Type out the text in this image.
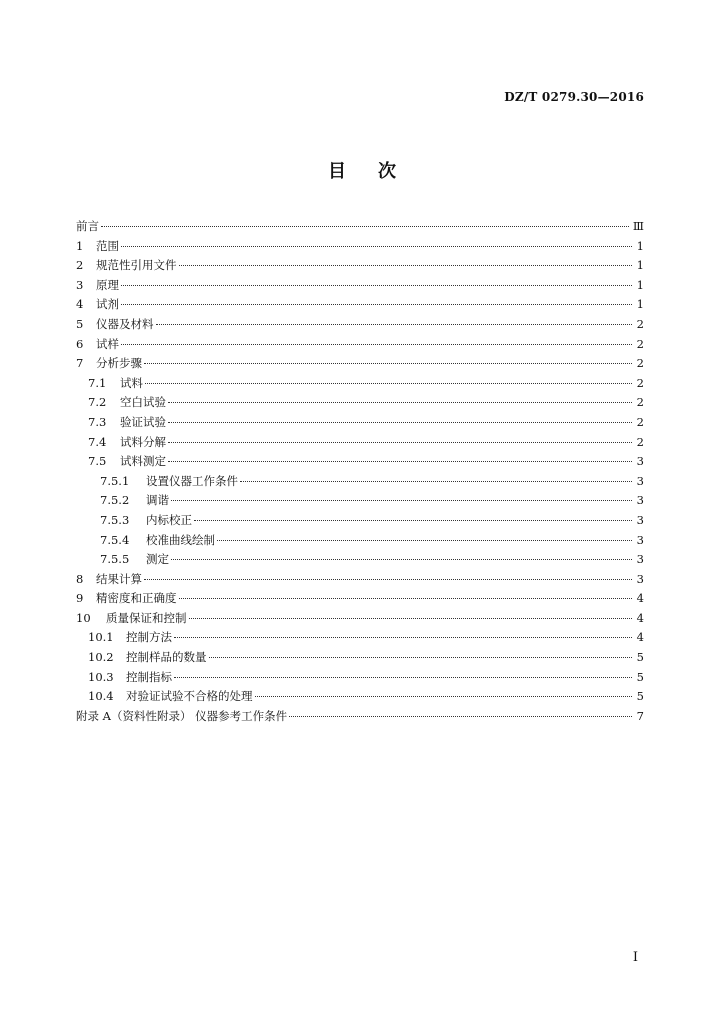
DZ/T 0279.30—2016
目次
前言	Ⅲ
1	范围	1
2	规范性引用文件	1
3	原理	1
4	试剂	1
5	仪器及材料	2
6	试样	2
7	分析步骤	2
7.1	试料	2
7.2	空白试验	2
7.3	验证试验	2
7.4	试料分解	2
7.5	试料测定	3
7.5.1	设置仪器工作条件	3
7.5.2	调谐	3
7.5.3	内标校正	3
7.5.4	校准曲线绘制	3
7.5.5	测定	3
8	结果计算	3
9	精密度和正确度	4
10	质量保证和控制	4
10.1	控制方法	4
10.2	控制样品的数量	5
10.3	控制指标	5
10.4	对验证试验不合格的处理	5
附录 A（资料性附录） 仪器参考工作条件	7
I
